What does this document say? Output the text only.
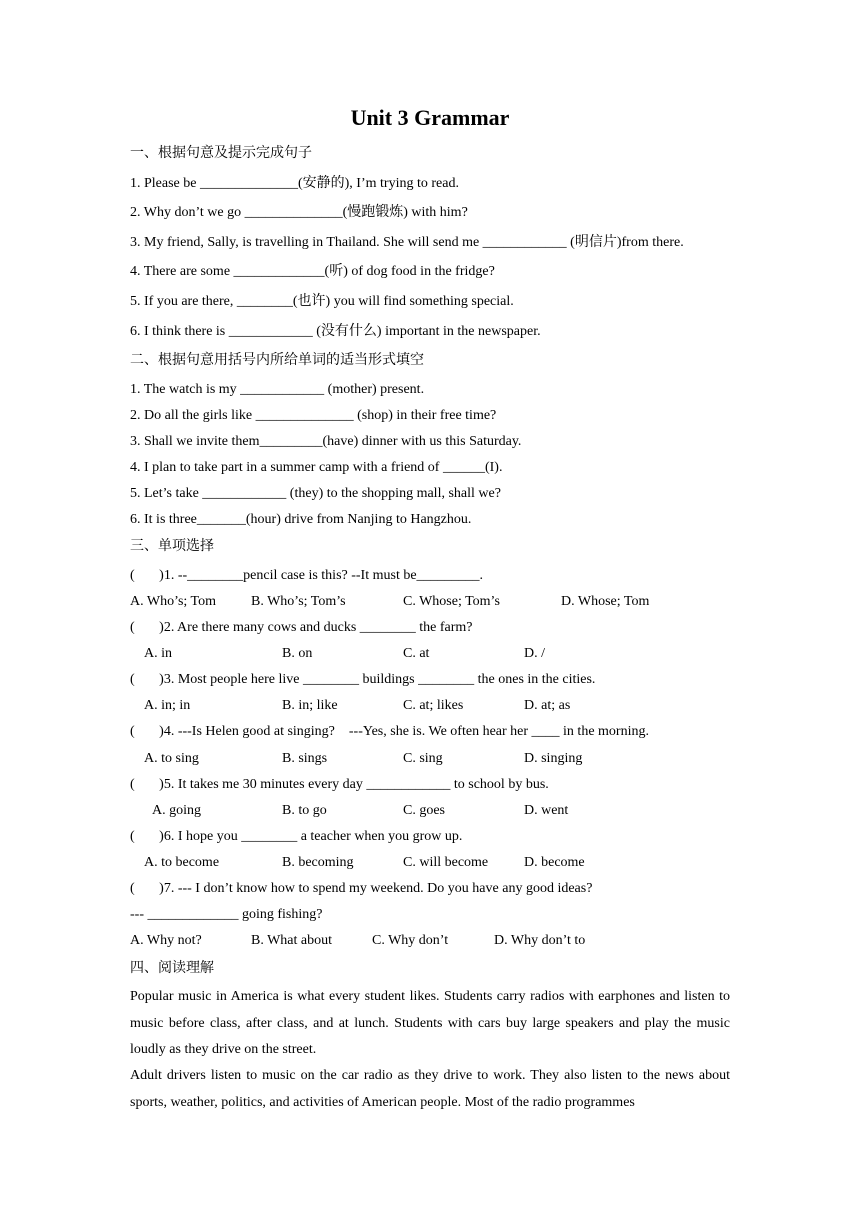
Unit 3 Grammar
一、根据句意及提示完成句子
1. Please be ______________(安静的), I’m trying to read.
2. Why don’t we go ______________(慢跑锻炼) with him?
3. My friend, Sally, is travelling in Thailand. She will send me ____________ (明信片)from there.
4. There are some _____________(听) of dog food in the fridge?
5. If you are there, ________(也许) you will find something special.
6. I think there is ____________ (没有什么) important in the newspaper.
二、根据句意用括号内所给单词的适当形式填空
1. The watch is my ____________ (mother) present.
2. Do all the girls like ______________ (shop) in their free time?
3. Shall we invite them_________(have) dinner with us this Saturday.
4. I plan to take part in a summer camp with a friend of ______(I).
5. Let’s take ____________ (they) to the shopping mall, shall we?
6. It is three_______(hour) drive from Nanjing to Hangzhou.
三、单项选择
(       )1. --________pencil case is this? --It must be_________.
A. Who’s; Tom B. Who’s; Tom’s	C. Whose; Tom’s	D. Whose; Tom
(       )2. Are there many cows and ducks ________ the farm?
A. in	B. on	C. at	D. /
(       )3. Most people here live ________ buildings ________ the ones in the cities.
A. in; in	B. in; like	C. at; likes	D. at; as
(       )4. ---Is Helen good at singing?    ---Yes, she is. We often hear her ____ in the morning.
A. to sing	B. sings	C. sing	D. singing
(       )5. It takes me 30 minutes every day ____________ to school by bus.
A. going	B. to go	C. goes	D. went
(       )6. I hope you ________ a teacher when you grow up.
A. to become	B. becoming	C. will become	D. become
(       )7. --- I don’t know how to spend my weekend. Do you have any good ideas?
--- _____________ going fishing?
A. Why not?	B. What about	C. Why don’t	D. Why don’t to
四、阅读理解
Popular music in America is what every student likes. Students carry radios with earphones and listen to music before class, after class, and at lunch. Students with cars buy large speakers and play the music loudly as they drive on the street.
Adult drivers listen to music on the car radio as they drive to work. They also listen to the news about sports, weather, politics, and activities of American people. Most of the radio programmes
